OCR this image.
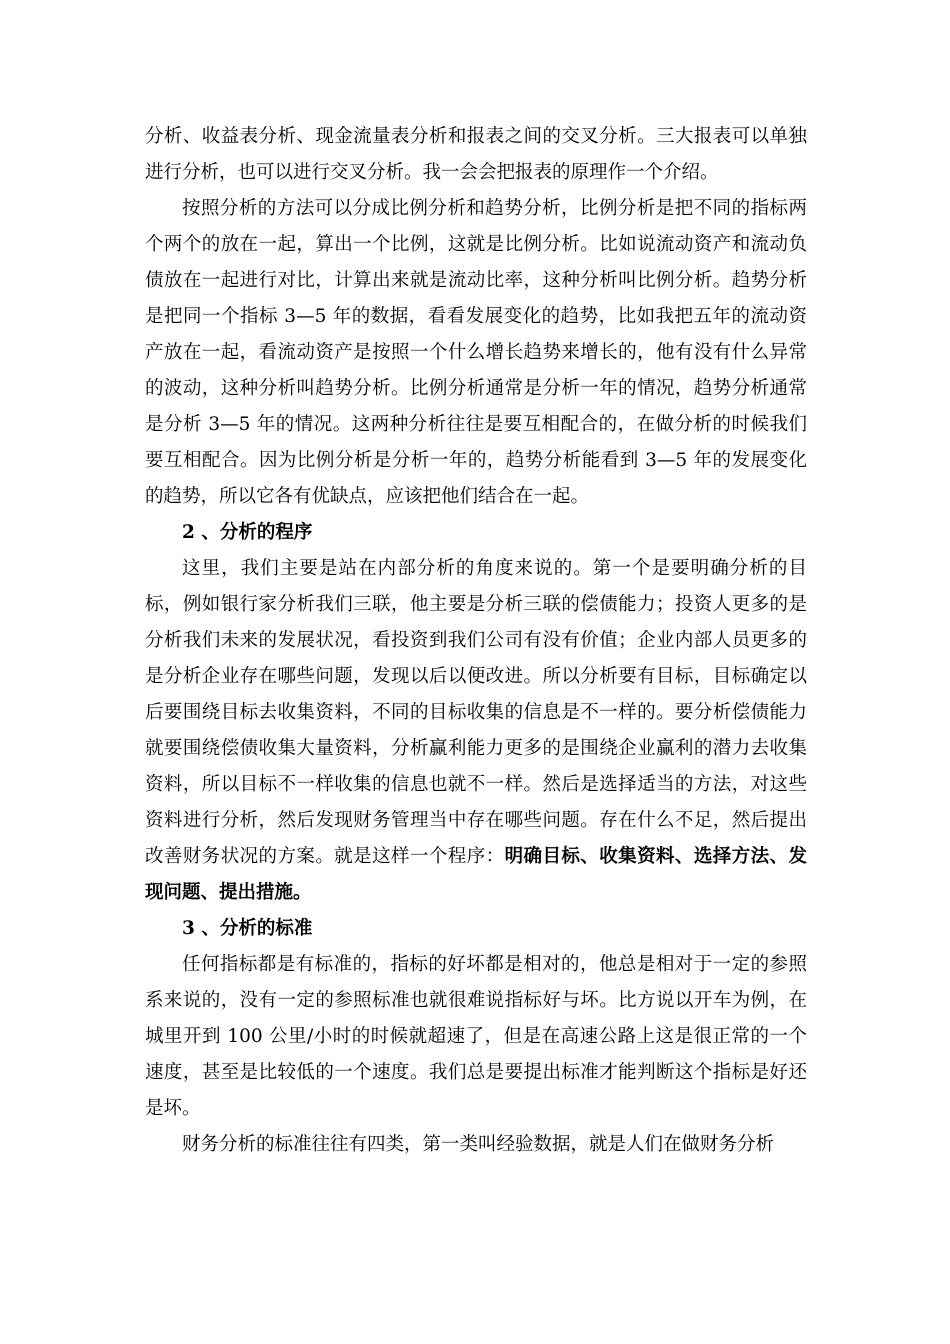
分析、收益表分析、现金流量表分析和报表之间的交叉分析。三大报表可以单独进行分析，也可以进行交叉分析。我一会会把报表的原理作一个介绍。

按照分析的方法可以分成比例分析和趋势分析，比例分析是把不同的指标两个两个的放在一起，算出一个比例，这就是比例分析。比如说流动资产和流动负债放在一起进行对比，计算出来就是流动比率，这种分析叫比例分析。趋势分析是把同一个指标 3—5 年的数据，看看发展变化的趋势，比如我把五年的流动资产放在一起，看流动资产是按照一个什么增长趋势来增长的，他有没有什么异常的波动，这种分析叫趋势分析。比例分析通常是分析一年的情况，趋势分析通常是分析 3—5 年的情况。这两种分析往往是要互相配合的，在做分析的时候我们要互相配合。因为比例分析是分析一年的，趋势分析能看到 3—5 年的发展变化的趋势，所以它各有优缺点，应该把他们结合在一起。

2 、分析的程序

这里，我们主要是站在内部分析的角度来说的。第一个是要明确分析的目标，例如银行家分析我们三联，他主要是分析三联的偿债能力；投资人更多的是分析我们未来的发展状况，看投资到我们公司有没有价值；企业内部人员更多的是分析企业存在哪些问题，发现以后以便改进。所以分析要有目标，目标确定以后要围绕目标去收集资料，不同的目标收集的信息是不一样的。要分析偿债能力就要围绕偿债收集大量资料，分析赢利能力更多的是围绕企业赢利的潜力去收集资料，所以目标不一样收集的信息也就不一样。然后是选择适当的方法，对这些资料进行分析，然后发现财务管理当中存在哪些问题。存在什么不足，然后提出改善财务状况的方案。就是这样一个程序：明确目标、收集资料、选择方法、发现问题、提出措施。

3 、分析的标准

任何指标都是有标准的，指标的好坏都是相对的，他总是相对于一定的参照系来说的，没有一定的参照标准也就很难说指标好与坏。比方说以开车为例，在城里开到 100 公里/小时的时候就超速了，但是在高速公路上这是很正常的一个速度，甚至是比较低的一个速度。我们总是要提出标准才能判断这个指标是好还是坏。

财务分析的标准往往有四类，第一类叫经验数据，就是人们在做财务分析
